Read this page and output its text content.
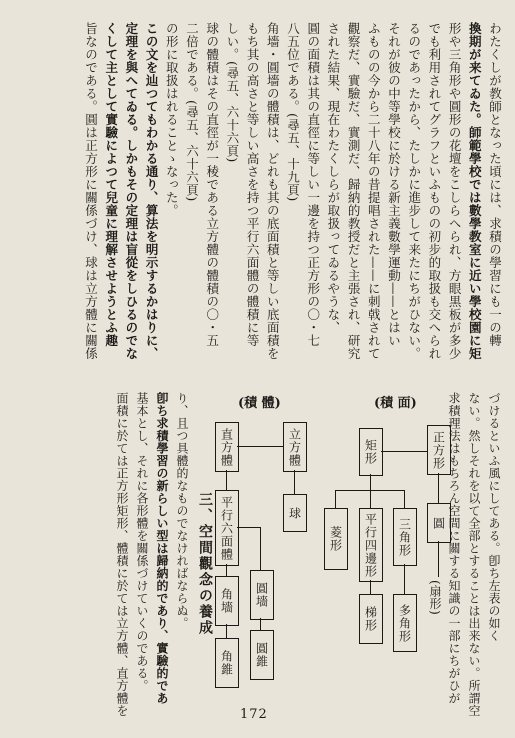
わたくしが教師となった頃には、求積の學習にも一の轉
換期が来てゐた。師範學校では數學教室に近い學校園に矩
形や三角形や圓形の花壇をこしらへられ、方眼黒板が多少
でも利用されてグラフといふものの初步的取扱も交へられ
るのであったから、たしかに進步して来たにちがひない。
それが彼の中等學校に於ける新主義數學運動——とはい
ふものの今から二十八年の昔提唱された——に刺戟されて
觀察だ、實驗だ、實測だ、歸納的教授だと主張され、研究
された結果、現在わたくしらが取扱ってゐるやうな、
圓の面積は其の直徑に等しい一邊を持つ正方形の〇・七
八五位である。(尋五、十九頁)
角墻・圓墻の體積は、どれも其の底面積と等しい底面積を
もち其の高さと等しい高さを持つ平行六面體の體積に等
しい。(尋五、六十六頁)
球の體積はその直徑が一稜である立方體の體積の〇・五
二倍である。(尋五、六十六頁)
の形に取扱はれることゝなった。
この文を辿つてもわかる通り、算法を明示するかはりに、
定理を與へてゐる。しかもその定理は盲從をしひるのでな
くして主として實驗によつて兒童に理解させようとふ趣
旨なのである。圓は正方形に關係づけ、球は立方體に關係
づけるといふ風にしてある。卽ち左表の如く
ない。然しそれを以て全部とすることは出来ない。所謂空
求積理法はもちろん空間に關する知識の一部にちがひが
り、且つ具體的なものでなければならぬ。
卽ち求積學習の新らしい型は歸納的であり、實驗的であ
基本とし、それに各形體を關係づけていくのである。
面積に於ては正方形矩形、體積に於ては立方體、直方體を	(積 面)
(積 體)
正方形
矩形
圓
三角形
平行四邊形
菱形
梯形	多角形
(扇形)
立方體
直方體
球
平行六面體
角墻	圓墻
角錐	圓錐
三、空間觀念の養成
172
